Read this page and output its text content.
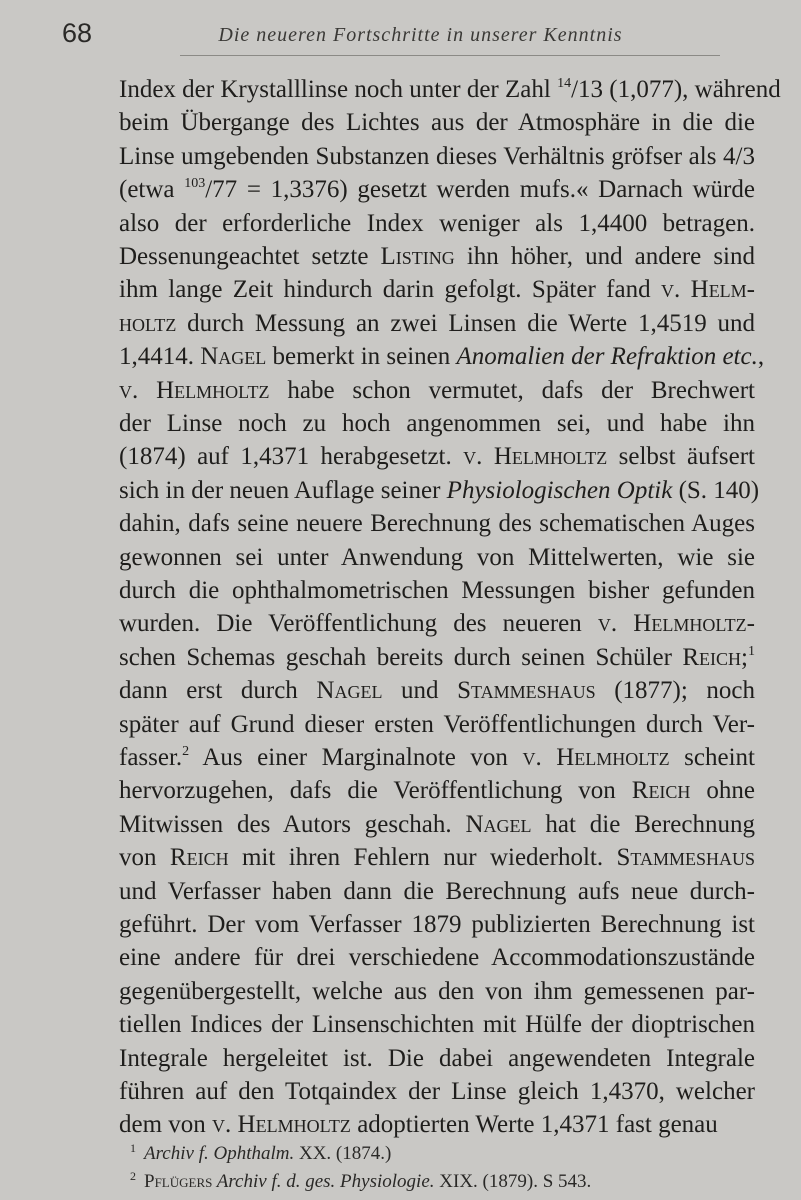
68	Die neueren Fortschritte in unserer Kenntnis
Index der Krystalllinse noch unter der Zahl $^{14}$/13 (1,077), während
beim Übergange des Lichtes aus der Atmosphäre in die die
Linse umgebenden Substanzen dieses Verhältnis gröfser als 4/3
(etwa $^{103}$/77 = 1,3376) gesetzt werden mufs.« Darnach würde
also der erforderliche Index weniger als 1,4400 betragen.
Dessenungeachtet setzte Listing ihn höher, und andere sind
ihm lange Zeit hindurch darin gefolgt. Später fand v. Helm-
holtz durch Messung an zwei Linsen die Werte 1,4519 und
1,4414. Nagel bemerkt in seinen Anomalien der Refraktion etc.,
v. Helmholtz habe schon vermutet, dafs der Brechwert
der Linse noch zu hoch angenommen sei, und habe ihn
(1874) auf 1,4371 herabgesetzt. v. Helmholtz selbst äufsert
sich in der neuen Auflage seiner Physiologischen Optik (S. 140)
dahin, dafs seine neuere Berechnung des schematischen Auges
gewonnen sei unter Anwendung von Mittelwerten, wie sie
durch die ophthalmometrischen Messungen bisher gefunden
wurden. Die Veröffentlichung des neueren v. Helmholtz-
schen Schemas geschah bereits durch seinen Schüler Reich;$^1$
dann erst durch Nagel und Stammeshaus (1877); noch
später auf Grund dieser ersten Veröffentlichungen durch Ver-
fasser.$^2$ Aus einer Marginalnote von v. Helmholtz scheint
hervorzugehen, dafs die Veröffentlichung von Reich ohne
Mitwissen des Autors geschah. Nagel hat die Berechnung
von Reich mit ihren Fehlern nur wiederholt. Stammeshaus
und Verfasser haben dann die Berechnung aufs neue durch-
geführt. Der vom Verfasser 1879 publizierten Berechnung ist
eine andere für drei verschiedene Accommodationszustände
gegenübergestellt, welche aus den von ihm gemessenen par-
tiellen Indices der Linsenschichten mit Hülfe der dioptrischen
Integrale hergeleitet ist. Die dabei angewendeten Integrale
führen auf den Totqaindex der Linse gleich 1,4370, welcher
dem von v. Helmholtz adoptierten Werte 1,4371 fast genau
$^1$ Archiv f. Ophthalm. XX. (1874.)
$^2$ Pflügers Archiv f. d. ges. Physiologie. XIX. (1879). S 543.
